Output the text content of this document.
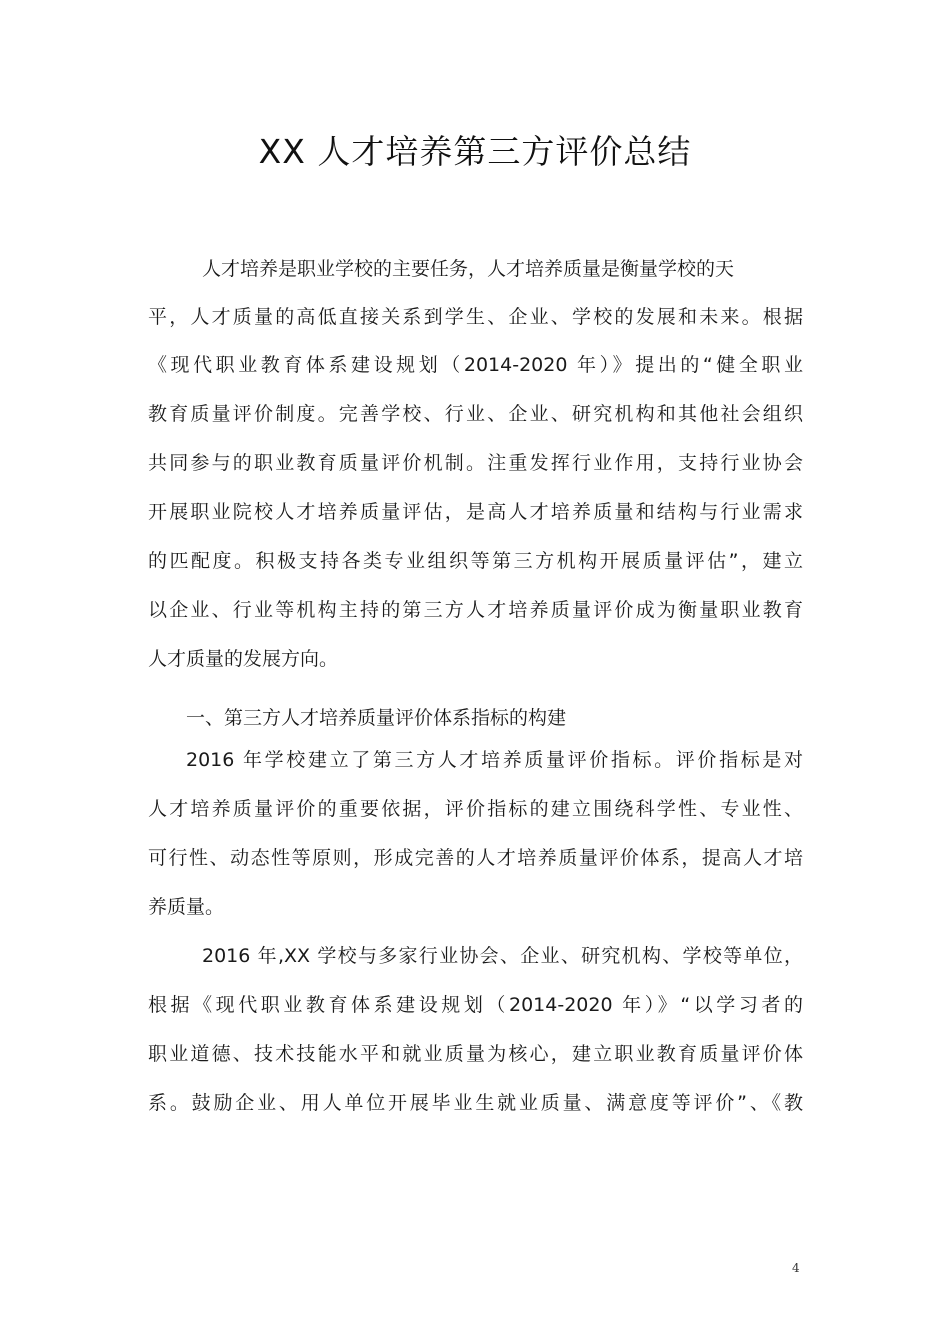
XX 人才培养第三方评价总结
人才培养是职业学校的主要任务，人才培养质量是衡量学校的天
平，人才质量的高低直接关系到学生、企业、学校的发展和未来。根据
《现代职业教育体系建设规划（2014-2020 年）》提出的“健全职业
教育质量评价制度。完善学校、行业、企业、研究机构和其他社会组织
共同参与的职业教育质量评价机制。注重发挥行业作用，支持行业协会
开展职业院校人才培养质量评估，是高人才培养质量和结构与行业需求
的匹配度。积极支持各类专业组织等第三方机构开展质量评估”，建立
以企业、行业等机构主持的第三方人才培养质量评价成为衡量职业教育
人才质量的发展方向。
一、第三方人才培养质量评价体系指标的构建
2016 年学校建立了第三方人才培养质量评价指标。评价指标是对
人才培养质量评价的重要依据，评价指标的建立围绕科学性、专业性、
可行性、动态性等原则，形成完善的人才培养质量评价体系，提高人才培
养质量。
2016 年,XX 学校与多家行业协会、企业、研究机构、学校等单位，
根据《现代职业教育体系建设规划（2014-2020 年）》“以学习者的
职业道德、技术技能水平和就业质量为核心，建立职业教育质量评价体
系。鼓励企业、用人单位开展毕业生就业质量、满意度等评价”、《教
4
